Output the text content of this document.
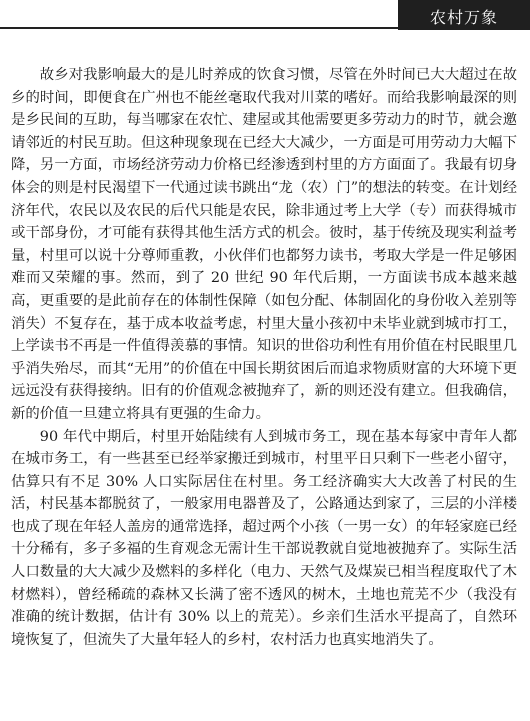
农村万象

故乡对我影响最大的是儿时养成的饮食习惯，尽管在外时间已大大超过在故乡的时间，即便食在广州也不能丝毫取代我对川菜的嗜好。而给我影响最深的则是乡民间的互助，每当哪家在农忙、建屋或其他需要更多劳动力的时节，就会邀请邻近的村民互助。但这种现象现在已经大大减少，一方面是可用劳动力大幅下降，另一方面，市场经济劳动力价格已经渗透到村里的方方面面了。我最有切身体会的则是村民渴望下一代通过读书跳出“龙（农）门”的想法的转变。在计划经济年代，农民以及农民的后代只能是农民，除非通过考上大学（专）而获得城市或干部身份，才可能有获得其他生活方式的机会。彼时，基于传统及现实利益考量，村里可以说十分尊师重教，小伙伴们也都努力读书，考取大学是一件足够困难而又荣耀的事。然而，到了 20 世纪 90 年代后期，一方面读书成本越来越高，更重要的是此前存在的体制性保障（如包分配、体制固化的身份收入差别等消失）不复存在，基于成本收益考虑，村里大量小孩初中未毕业就到城市打工，上学读书不再是一件值得羡慕的事情。知识的世俗功利性有用价值在村民眼里几乎消失殆尽，而其“无用”的价值在中国长期贫困后而追求物质财富的大环境下更远远没有获得接纳。旧有的价值观念被抛弃了，新的则还没有建立。但我确信，新的价值一旦建立将具有更强的生命力。

90 年代中期后，村里开始陆续有人到城市务工，现在基本每家中青年人都在城市务工，有一些甚至已经举家搬迁到城市，村里平日只剩下一些老小留守，估算只有不足 30% 人口实际居住在村里。务工经济确实大大改善了村民的生活，村民基本都脱贫了，一般家用电器普及了，公路通达到家了，三层的小洋楼也成了现在年轻人盖房的通常选择，超过两个小孩（一男一女）的年轻家庭已经十分稀有，多子多福的生育观念无需计生干部说教就自觉地被抛弃了。实际生活人口数量的大大减少及燃料的多样化（电力、天然气及煤炭已相当程度取代了木材燃料），曾经稀疏的森林又长满了密不透风的树木，土地也荒芜不少（我没有准确的统计数据，估计有 30% 以上的荒芜）。乡亲们生活水平提高了，自然环境恢复了，但流失了大量年轻人的乡村，农村活力也真实地消失了。
